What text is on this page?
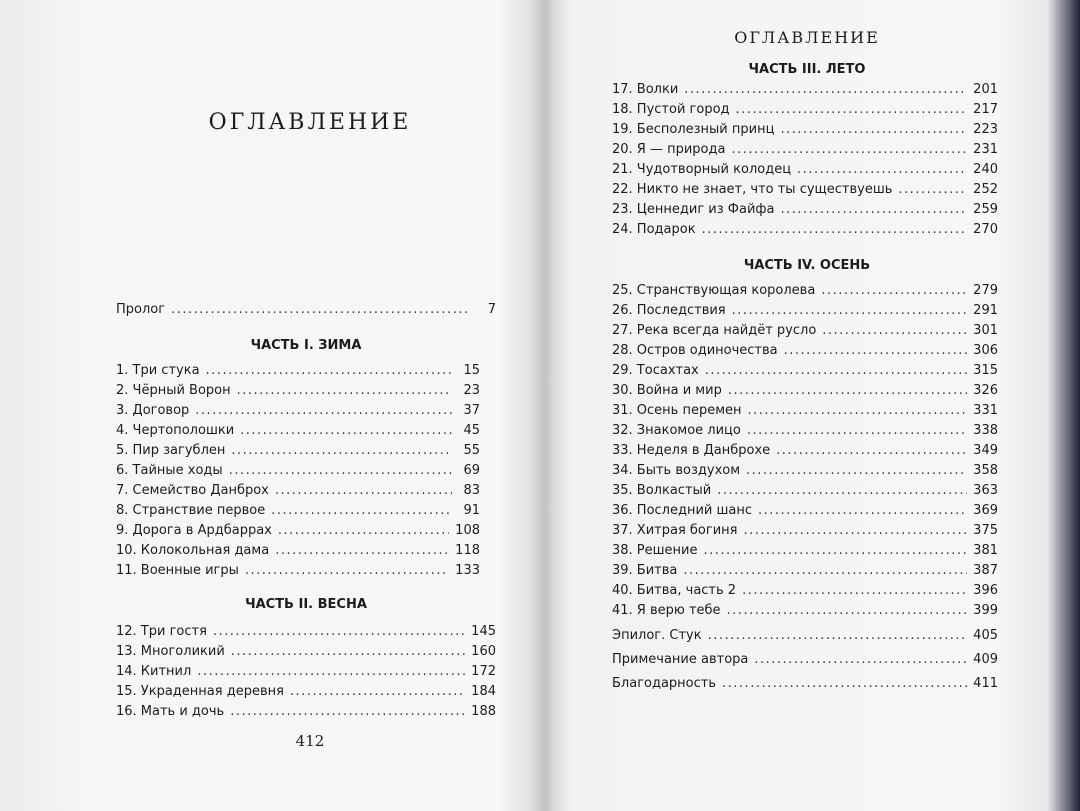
ОГЛАВЛЕНИЕ
Пролог .....	7
ЧАСТЬ I. ЗИМА
1. Три стука .....	15
2. Чёрный Ворон .....	23
3. Договор .....	37
4. Чертополошки .....	45
5. Пир загублен .....	55
6. Тайные ходы .....	69
7. Семейство Данброх .....	83
8. Странствие первое .....	91
9. Дорога в Ардбаррах .....	108
10. Колокольная дама .....	118
11. Военные игры .....	133
ЧАСТЬ II. ВЕСНА
12. Три гостя .....	145
13. Многоликий .....	160
14. Китнил .....	172
15. Украденная деревня .....	184
16. Мать и дочь .....	188
412
ОГЛАВЛЕНИЕ
ЧАСТЬ III. ЛЕТО
17. Волки .....	201
18. Пустой город .....	217
19. Бесполезный принц .....	223
20. Я — природа .....	231
21. Чудотворный колодец .....	240
22. Никто не знает, что ты существуешь .....	252
23. Ценнедиг из Файфа .....	259
24. Подарок .....	270
ЧАСТЬ IV. ОСЕНЬ
25. Странствующая королева .....	279
26. Последствия .....	291
27. Река всегда найдёт русло .....	301
28. Остров одиночества .....	306
29. Тосахтах .....	315
30. Война и мир .....	326
31. Осень перемен .....	331
32. Знакомое лицо .....	338
33. Неделя в Данброхе .....	349
34. Быть воздухом .....	358
35. Волкастый .....	363
36. Последний шанс .....	369
37. Хитрая богиня .....	375
38. Решение .....	381
39. Битва .....	387
40. Битва, часть 2 .....	396
41. Я верю тебе .....	399
Эпилог. Стук .....	405
Примечание автора .....	409
Благодарность .....	411
